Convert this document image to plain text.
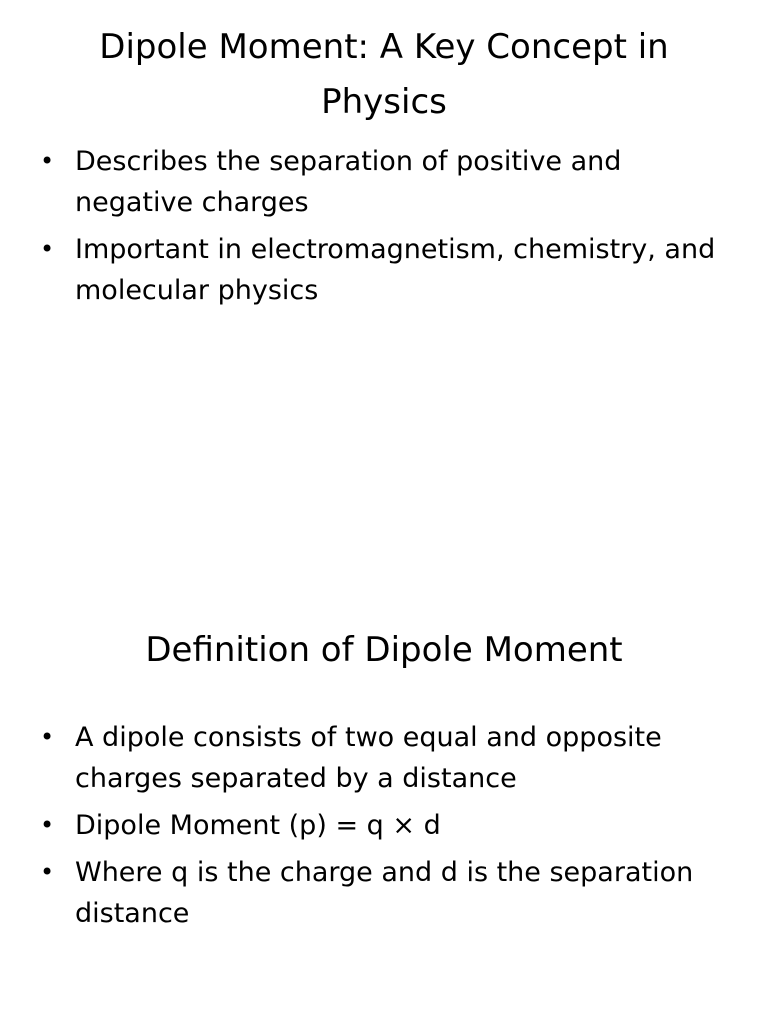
Dipole Moment: A Key Concept in Physics
• Describes the separation of positive and negative charges
• Important in electromagnetism, chemistry, and molecular physics
Definition of Dipole Moment
• A dipole consists of two equal and opposite charges separated by a distance
• Dipole Moment (p) = q × d
• Where q is the charge and d is the separation distance
